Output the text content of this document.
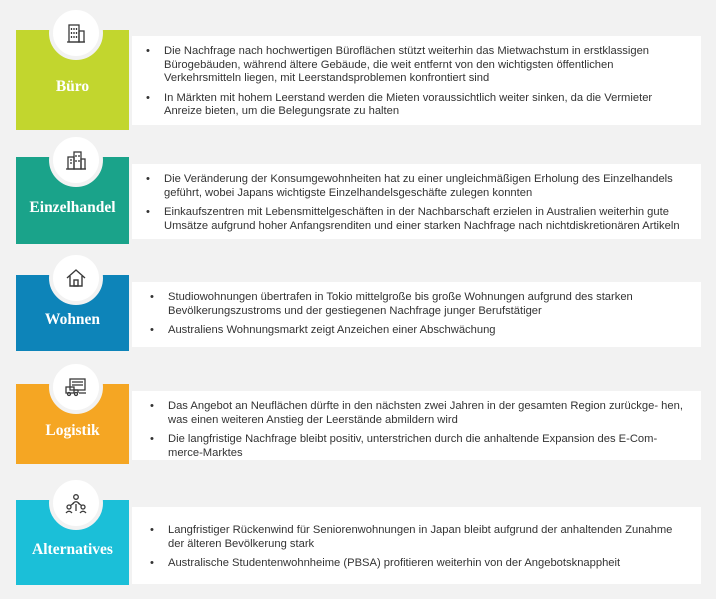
Büro
• Die Nachfrage nach hochwertigen Büroflächen stützt weiterhin das Mietwachstum in erstklassigen Bürogebäuden, während ältere Gebäude, die weit entfernt von den wichtigsten öffentlichen Verkehrsmitteln liegen, mit Leerstandsproblemen konfrontiert sind
• In Märkten mit hohem Leerstand werden die Mieten voraussichtlich weiter sinken, da die Vermieter Anreize bieten, um die Belegungsrate zu halten
Einzelhandel
• Die Veränderung der Konsumgewohnheiten hat zu einer ungleichmäßigen Erholung des Einzelhandels geführt, wobei Japans wichtigste Einzelhandelsgeschäfte zulegen konnten
• Einkaufszentren mit Lebensmittelgeschäften in der Nachbarschaft erzielen in Australien weiterhin gute Umsätze aufgrund hoher Anfangsrenditen und einer starken Nachfrage nach nichtdiskretionären Artikeln
Wohnen
• Studiowohnungen übertrafen in Tokio mittelgroße bis große Wohnungen aufgrund des starken Bevölkerungszustroms und der gestiegenen Nachfrage junger Berufstätiger
• Australiens Wohnungsmarkt zeigt Anzeichen einer Abschwächung
Logistik
• Das Angebot an Neuflächen dürfte in den nächsten zwei Jahren in der gesamten Region zurückge- hen, was einen weiteren Anstieg der Leerstände abmildern wird
• Die langfristige Nachfrage bleibt positiv, unterstrichen durch die anhaltende Expansion des E-Com- merce-Marktes
Alternatives
• Langfristiger Rückenwind für Seniorenwohnungen in Japan bleibt aufgrund der anhaltenden Zunahme der älteren Bevölkerung stark
• Australische Studentenwohnheime (PBSA) profitieren weiterhin von der Angebotsknappheit
